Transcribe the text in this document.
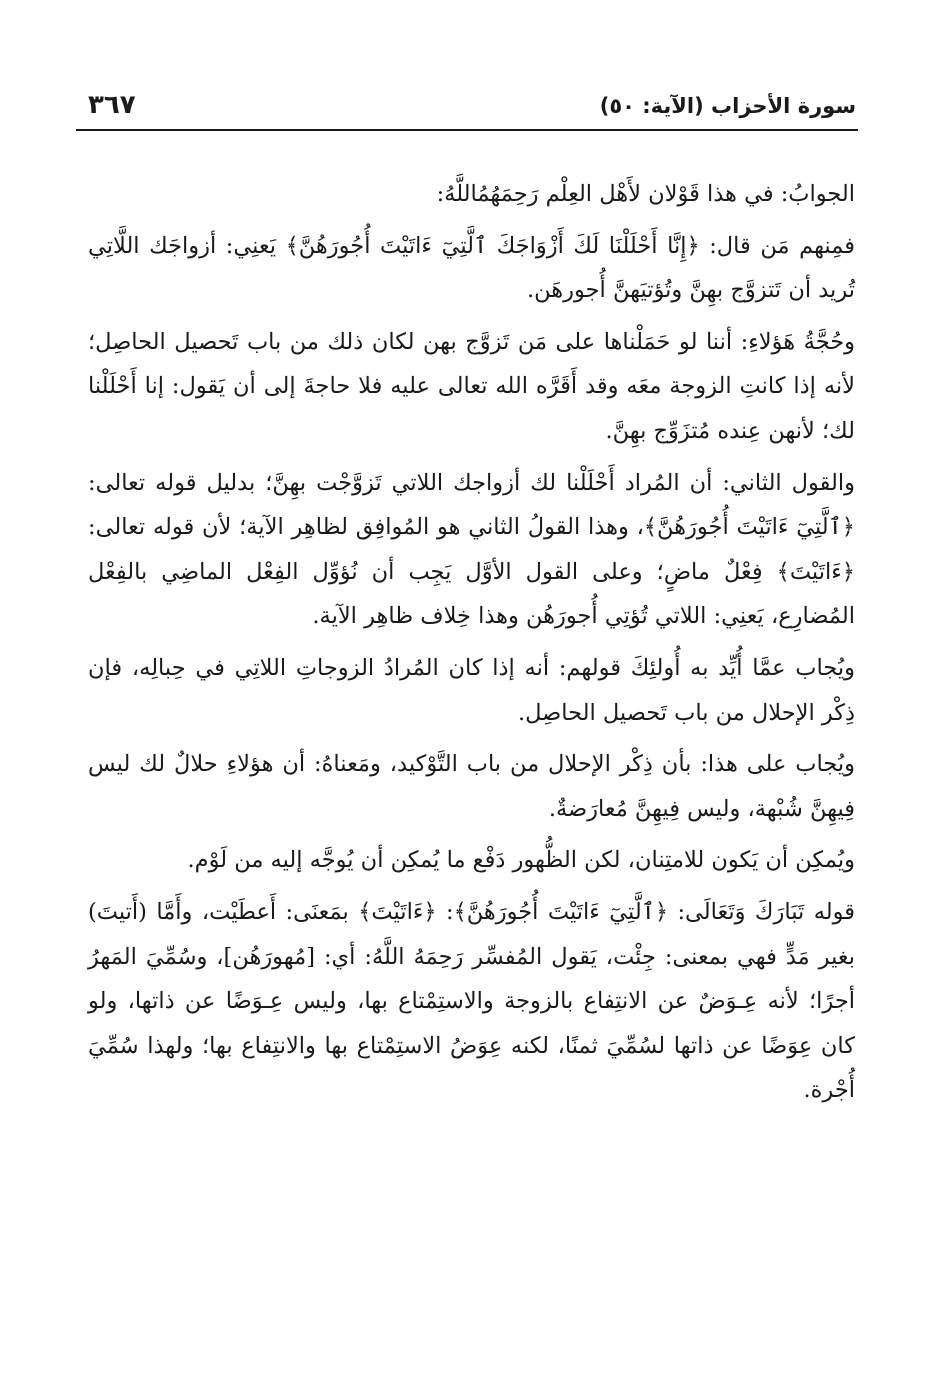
٣٦٧	سورة الأحزاب (الآية: ٥٠)

الجوابُ: في هذا قَوْلان لأَهْل العِلْم رَحِمَهُمُاللَّهُ:

فمِنهم مَن قال: ﴿إِنَّا أَحْلَلْنَا لَكَ أَزْوَاجَكَ ٱلَّتِيٓ ءَاتَيْتَ أُجُورَهُنَّ﴾ يَعنِي: أزواجَك اللَّاتِي تُريد أن تَتزوَّج بهِنَّ وتُؤتيَهنَّ أُجورهَن.

وحُجَّةُ هَؤلاءِ: أننا لو حَمَلْناها على مَن تَزوَّج بهن لكان ذلك من باب تَحصيل الحاصِل؛ لأنه إذا كانتِ الزوجة معَه وقد أَقَرَّه الله تعالى عليه فلا حاجةَ إلى أن يَقول: إنا أَحْلَلْنا لك؛ لأنهن عِنده مُتزَوِّج بهِنَّ.

والقول الثاني: أن المُراد أَحْلَلْنا لك أزواجك اللاتي تَزوَّجْت بهِنَّ؛ بدليل قوله تعالى: ﴿ٱلَّتِيٓ ءَاتَيْتَ أُجُورَهُنَّ﴾، وهذا القولُ الثاني هو المُوافِق لظاهِر الآية؛ لأن قوله تعالى: ﴿ءَاتَيْتَ﴾ فِعْلٌ ماضٍ؛ وعلى القول الأوَّل يَجِب أن نُؤوِّل الفِعْل الماضِي بالفِعْل المُضارِع، يَعنِي: اللاتي تُؤتِي أُجورَهُن وهذا خِلاف ظاهِر الآية.

ويُجاب عمَّا أُيِّد به أُولئِكَ قولهم: أنه إذا كان المُرادُ الزوجاتِ اللاتِي في حِبالِه، فإن ذِكْر الإحلال من باب تَحصيل الحاصِل.

ويُجاب على هذا: بأن ذِكْر الإحلال من باب التَّوْكيد، ومَعناهُ: أن هؤلاءِ حلالٌ لك ليس فِيهِنَّ شُبْهة، وليس فِيهِنَّ مُعارَضةٌ.

ويُمكِن أن يَكون للامتِنان، لكن الظُّهور دَفْع ما يُمكِن أن يُوجَّه إليه من لَوْم.

قوله تَبَارَكَ وَتَعَالَى: ﴿ٱلَّتِيٓ ءَاتَيْتَ أُجُورَهُنَّ﴾: ﴿ءَاتَيْتَ﴾ بمَعنَى: أَعطَيْت، وأَمَّا (أَتيتَ) بغير مَدٍّ فهي بمعنى: جِئْت، يَقول المُفسِّر رَحِمَهُ اللَّهُ: أي: [مُهورَهُن]، وسُمِّيَ المَهرُ أجرًا؛ لأنه عِـوَضٌ عن الانتِفاع بالزوجة والاستِمْتاع بها، وليس عِـوَضًا عن ذاتها، ولو كان عِوَضًا عن ذاتها لسُمِّيَ ثمنًا، لكنه عِوَضُ الاستِمْتاع بها والانتِفاع بها؛ ولهذا سُمِّيَ أُجْرة.
